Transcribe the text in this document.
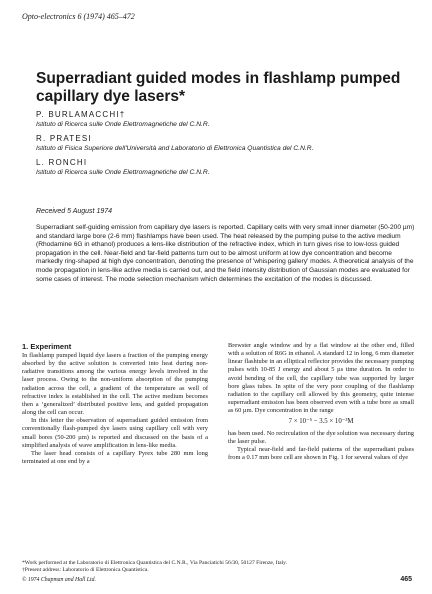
Opto-electronics 6 (1974) 465–472
Superradiant guided modes in flashlamp pumped capillary dye lasers*
P. BURLAMACCHI†
Istituto di Ricerca sulle Onde Elettromagnetiche del C.N.R.
R. PRATESI
Istituto di Fisica Superiore dell'Università and Laboratorio di Elettronica Quantistica del C.N.R.
L. RONCHI
Istituto di Ricerca sulle Onde Elettromagnetiche del C.N.R.
Received 5 August 1974

Superradiant self-guiding emission from capillary dye lasers is reported. Capillary cells with very small inner diameter (50-200 µm) and standard large bore (2-6 mm) flashlamps have been used. The heat released by the pumping pulse to the active medium (Rhodamine 6G in ethanol) produces a lens-like distribution of the refractive index, which in turn gives rise to low-loss guided propagation in the cell. Near-field and far-field patterns turn out to be almost uniform at low dye concentration and become markedly ring-shaped at high dye concentration, denoting the presence of 'whispering gallery' modes. A theoretical analysis of the mode propagation in lens-like active media is carried out, and the field intensity distribution of Gaussian modes are evaluated for some cases of interest. The mode selection mechanism which determines the excitation of the modes is discussed.

1. Experiment

In flashlamp pumped liquid dye lasers a fraction of the pumping energy absorbed by the active solution is converted into heat during non-radiative transitions among the various energy levels involved in the laser process. Owing to the non-uniform absorption of the pumping radiation across the cell, a gradient of the temperature as well of refractive index is established in the cell. The active medium becomes then a ‘generalized’ distributed positive lens, and guided propagation along the cell can occur.

In this letter the observation of superradiant guided emission from conventionally flash-pumped dye lasers using capillary cell with very small bores (50-200 µm) is reported and discussed on the basis of a simplified analysis of wave amplification in lens-like media.

The laser head consists of a capillary Pyrex tube 280 mm long terminated at one end by a

Brewster angle window and by a flat window at the other end, filled with a solution of R6G in ethanol. A standard 12 in long, 6 mm diameter linear flashtube in an elliptical reflector provides the necessary pumping pulses with 10-85 J energy and about 5 µs time duration. In order to avoid bending of the cell, the capillary tube was supported by larger bore glass tubes. In spite of the very poor coupling of the flashlamp radiation to the capillary cell allowed by this geometry, quite intense superradiant emission has been observed even with a tube bore as small as 60 µm. Dye concentration in the range

7 × 10⁻⁵ − 3.5 × 10⁻³M

has been used. No recirculation of the dye solution was necessary during the laser pulse.

Typical near-field and far-field patterns of the superradiant pulses from a 0.17 mm bore cell are shown in Fig. 1 for several values of dye

*Work performed at the Laboratorio di Elettronica Quantistica del C.N.R., Via Panciatichi 56/30, 50127 Firenze, Italy.
†Present address: Laboratorio di Elettronica Quantistica.
© 1974 Chapman and Hall Ltd.	465
